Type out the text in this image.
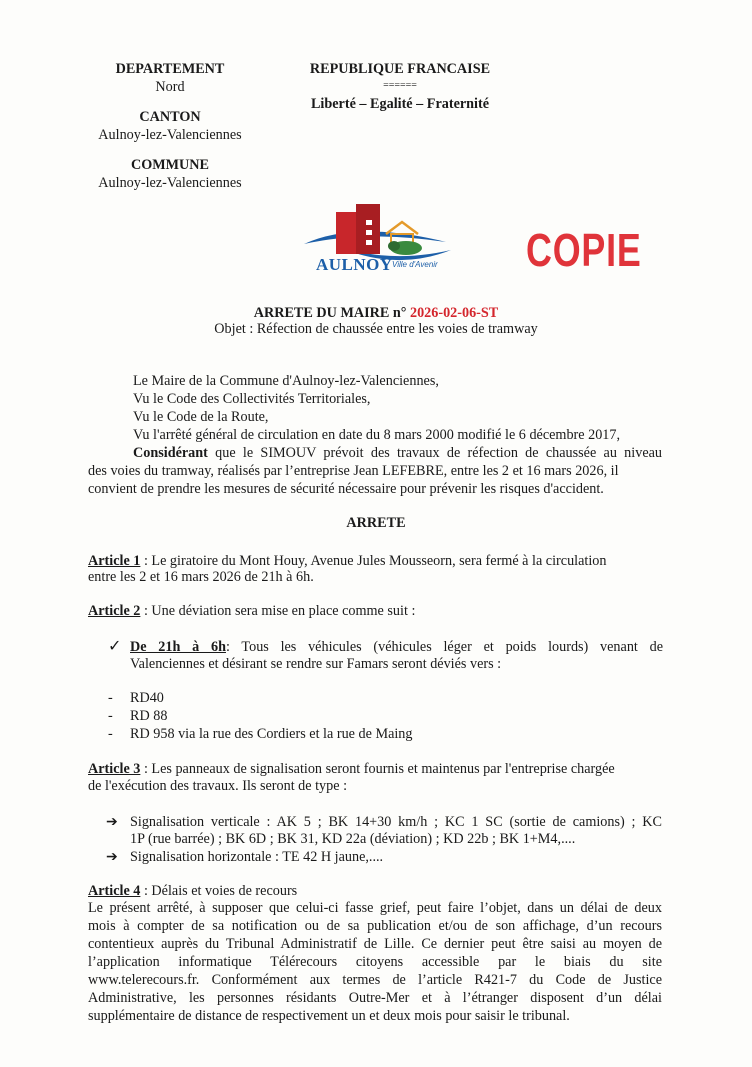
DEPARTEMENT
Nord
CANTON
Aulnoy-lez-Valenciennes
COMMUNE
Aulnoy-lez-Valenciennes
REPUBLIQUE FRANCAISE
======
Liberté – Egalité – Fraternité
AULNOY Ville d'Avenir COPIE
ARRETE DU MAIRE n° 2026-02-06-ST
Objet : Réfection de chaussée entre les voies de tramway
Le Maire de la Commune d'Aulnoy-lez-Valenciennes,
Vu le Code des Collectivités Territoriales,
Vu le Code de la Route,
Vu l'arrêté général de circulation en date du 8 mars 2000 modifié le 6 décembre 2017,
Considérant que le SIMOUV prévoit des travaux de réfection de chaussée au niveau
des voies du tramway, réalisés par l’entreprise Jean LEFEBRE, entre les 2 et 16 mars 2026, il
convient de prendre les mesures de sécurité nécessaire pour prévenir les risques d'accident.
ARRETE
Article 1 : Le giratoire du Mont Houy, Avenue Jules Mousseorn, sera fermé à la circulation
entre les 2 et 16 mars 2026 de 21h à 6h.
Article 2 : Une déviation sera mise en place comme suit :
✓ De 21h à 6h: Tous les véhicules (véhicules léger et poids lourds) venant de
Valenciennes et désirant se rendre sur Famars seront déviés vers :
- RD40
- RD 88
- RD 958 via la rue des Cordiers et la rue de Maing
Article 3 : Les panneaux de signalisation seront fournis et maintenus par l'entreprise chargée
de l'exécution des travaux. Ils seront de type :
➔ Signalisation verticale : AK 5 ; BK 14+30 km/h ; KC 1 SC (sortie de camions) ; KC
1P (rue barrée) ; BK 6D ; BK 31, KD 22a (déviation) ; KD 22b ; BK 1+M4,....
➔ Signalisation horizontale : TE 42 H jaune,....
Article 4 : Délais et voies de recours
Le présent arrêté, à supposer que celui-ci fasse grief, peut faire l’objet, dans un délai de deux
mois à compter de sa notification ou de sa publication et/ou de son affichage, d’un recours
contentieux auprès du Tribunal Administratif de Lille. Ce dernier peut être saisi au moyen de
l’application informatique Télérecours citoyens accessible par le biais du site
www.telerecours.fr. Conformément aux termes de l’article R421-7 du Code de Justice
Administrative, les personnes résidants Outre-Mer et à l’étranger disposent d’un délai
supplémentaire de distance de respectivement un et deux mois pour saisir le tribunal.
